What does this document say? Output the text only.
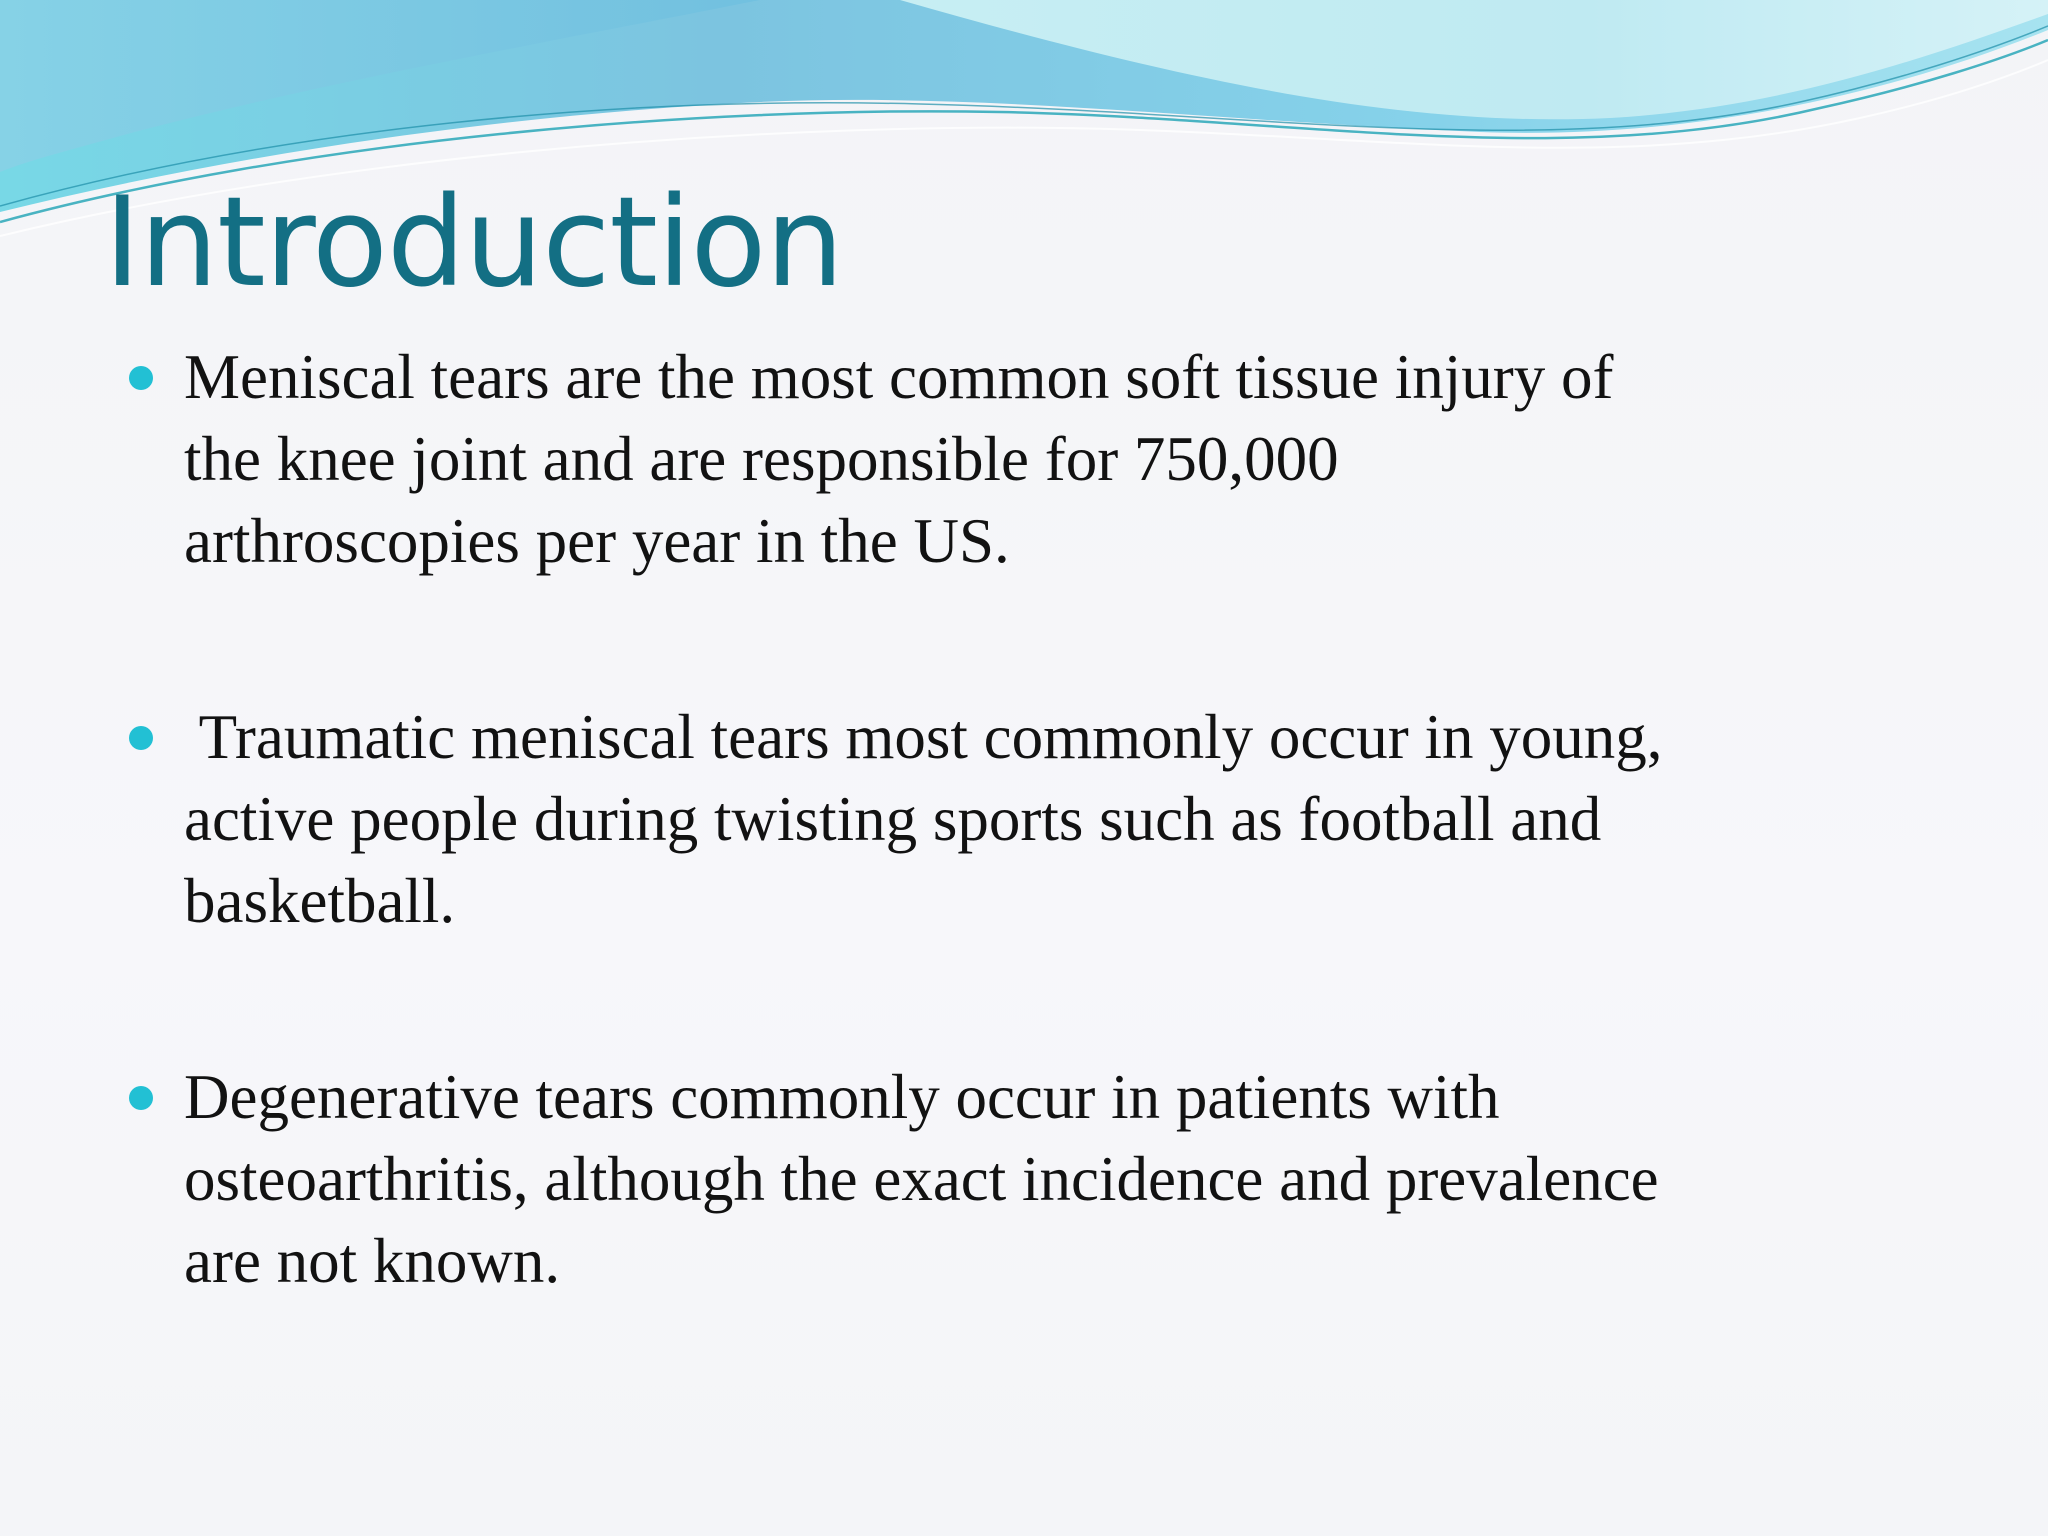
Introduction
Meniscal tears are the most common soft tissue injury of
the knee joint and are responsible for 750,000
arthroscopies per year in the US.
Traumatic meniscal tears most commonly occur in young,
active people during twisting sports such as football and
basketball.
Degenerative tears commonly occur in patients with
osteoarthritis, although the exact incidence and prevalence
are not known.
